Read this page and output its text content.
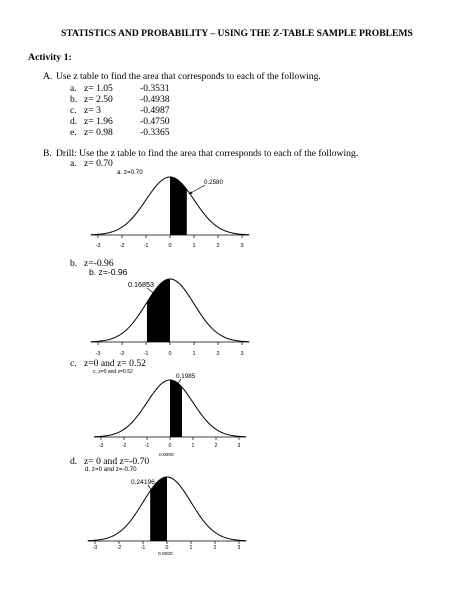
STATISTICS AND PROBABILITY – USING THE Z-TABLE SAMPLE PROBLEMS
Activity 1:
A. Use z table to find the area that corresponds to each of the following.
a. z= 1.05	-0.3531
b. z= 2.50	-0.4938
c. z= 3	-0.4987
d. z= 1.96	-0.4750
e. z= 0.98	-0.3365
B. Drill: Use the z table to find the area that corresponds to each of the following.
a. z= 0.70
a. z=0.70
-3	-2	-1	0	1	2	3
0.2580
b. z=-0.96
b. z=-0.96
-3	-2	-1	0	1	2	3
0.16853
c. z=0 and z= 0.52
c. z=0 and z=0.52
-3	-2	-1	0	1	2	3
0.1985
0.0000
d. z= 0 and z=-0.70
d. z=0 and z=-0.70
-3	-2	-1	0	1	2	3
0.24196
0.0000
